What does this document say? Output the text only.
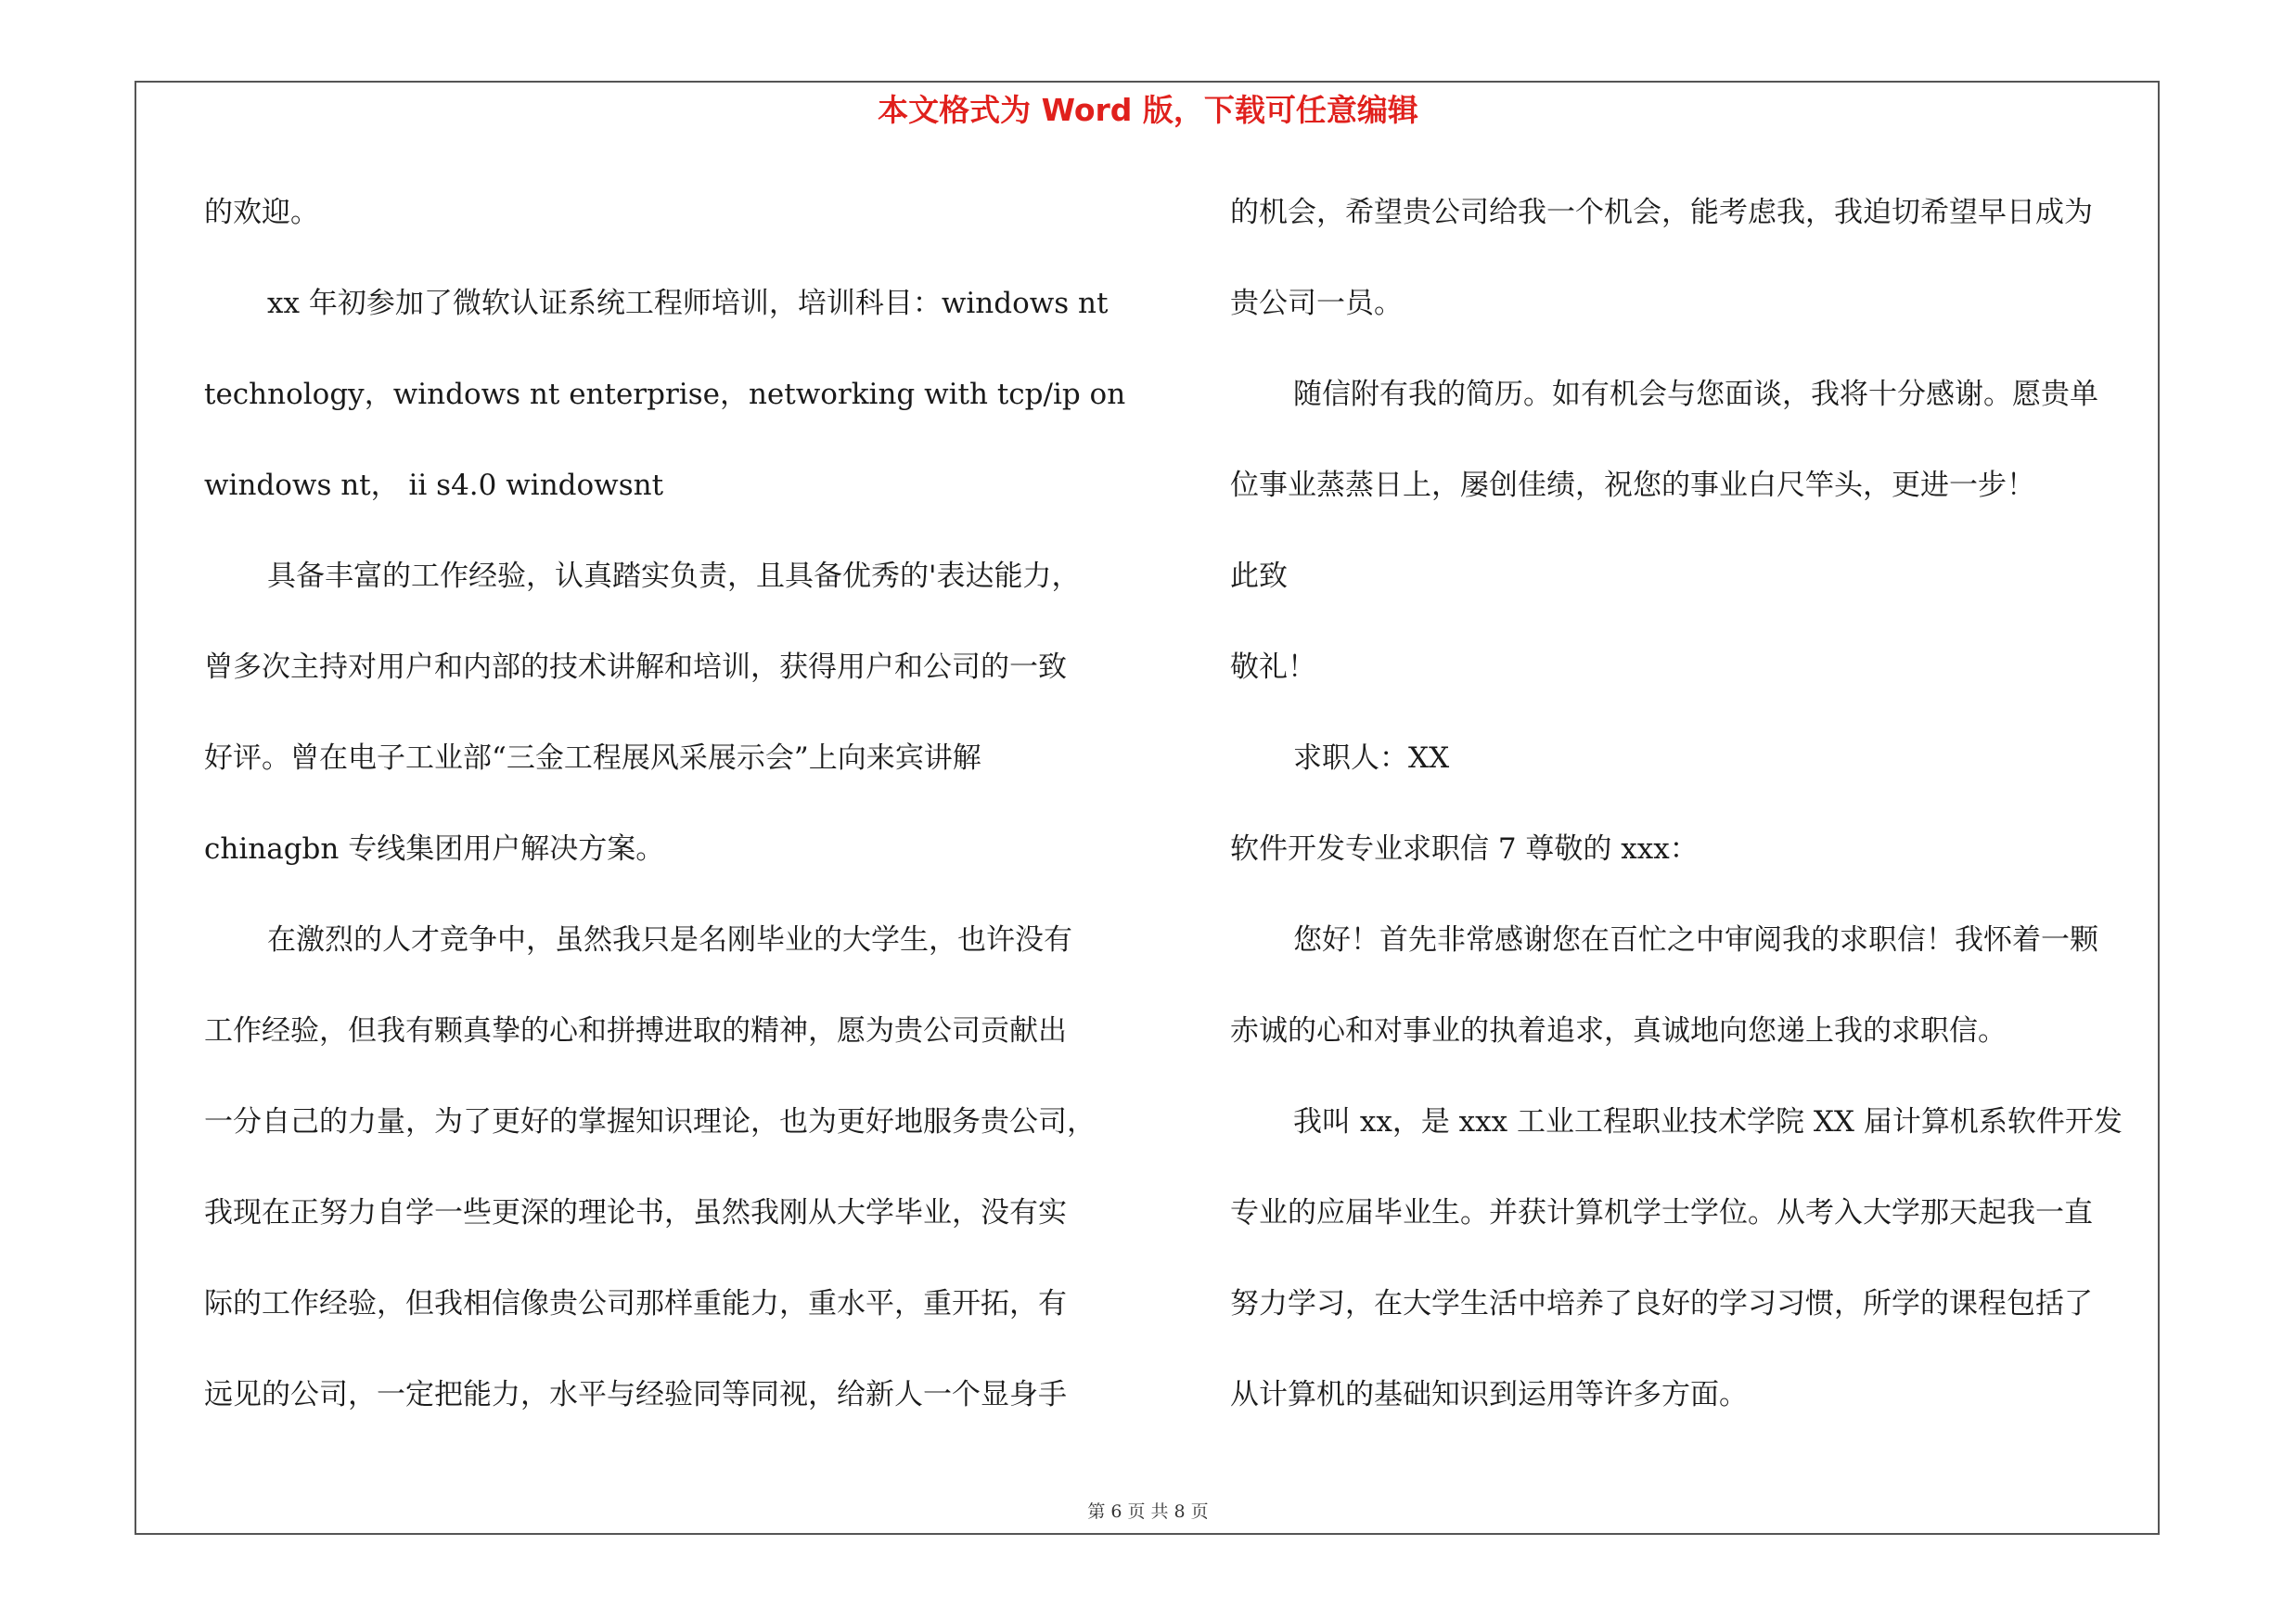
本文格式为 Word 版，下载可任意编辑
的欢迎。
xx 年初参加了微软认证系统工程师培训，培训科目：windows nt
technology，windows nt enterprise，networking with tcp/ip on
windows nt， ii s4.0 windowsnt
具备丰富的工作经验，认真踏实负责，且具备优秀的'表达能力，
曾多次主持对用户和内部的技术讲解和培训，获得用户和公司的一致
好评。曾在电子工业部“三金工程展风采展示会”上向来宾讲解
chinagbn 专线集团用户解决方案。
在激烈的人才竞争中，虽然我只是名刚毕业的大学生，也许没有
工作经验，但我有颗真挚的心和拼搏进取的精神，愿为贵公司贡献出
一分自己的力量，为了更好的掌握知识理论，也为更好地服务贵公司，
我现在正努力自学一些更深的理论书，虽然我刚从大学毕业，没有实
际的工作经验，但我相信像贵公司那样重能力，重水平，重开拓，有
远见的公司，一定把能力，水平与经验同等同视，给新人一个显身手
的机会，希望贵公司给我一个机会，能考虑我，我迫切希望早日成为
贵公司一员。
随信附有我的简历。如有机会与您面谈，我将十分感谢。愿贵单
位事业蒸蒸日上，屡创佳绩，祝您的事业白尺竿头，更进一步！
此致
敬礼！
求职人：XX
软件开发专业求职信 7 尊敬的 xxx：
您好！首先非常感谢您在百忙之中审阅我的求职信！我怀着一颗
赤诚的心和对事业的执着追求，真诚地向您递上我的求职信。
我叫 xx，是 xxx 工业工程职业技术学院 XX 届计算机系软件开发
专业的应届毕业生。并获计算机学士学位。从考入大学那天起我一直
努力学习，在大学生活中培养了良好的学习习惯，所学的课程包括了
从计算机的基础知识到运用等许多方面。
第 6 页 共 8 页
